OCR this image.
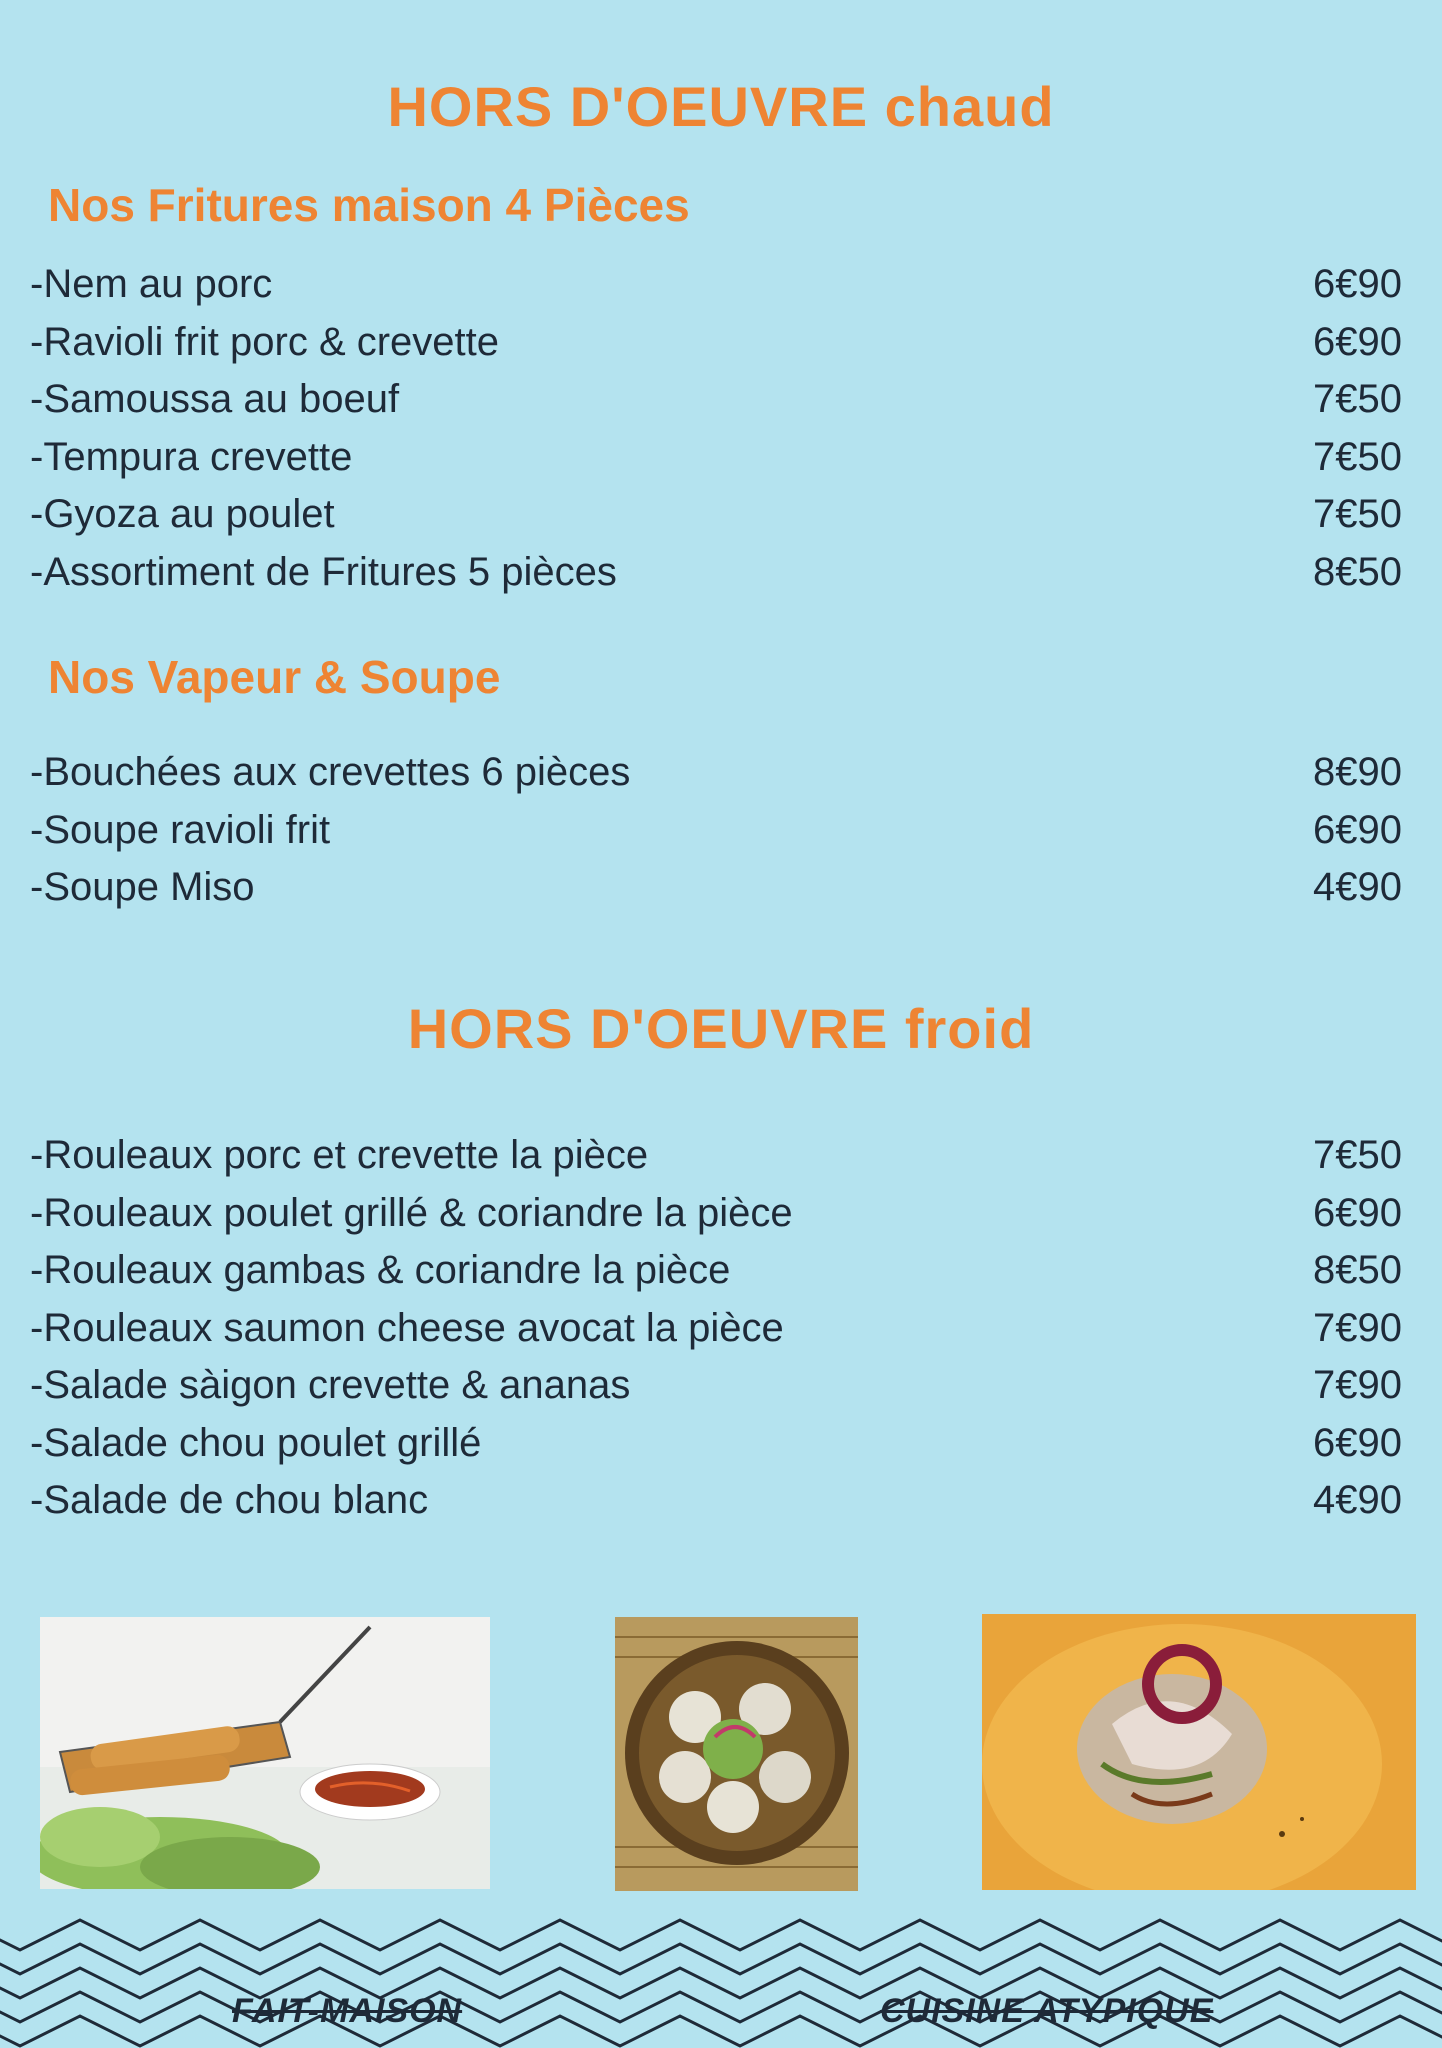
HORS D'OEUVRE chaud
Nos Fritures maison 4 Pièces
-Nem au porc	6€90
-Ravioli frit porc & crevette	6€90
-Samoussa au boeuf	7€50
-Tempura crevette	7€50
-Gyoza au poulet	7€50
-Assortiment de Fritures 5 pièces	8€50
Nos Vapeur & Soupe
-Bouchées aux crevettes 6 pièces	8€90
-Soupe ravioli frit	6€90
-Soupe Miso	4€90
HORS D'OEUVRE froid
-Rouleaux porc et crevette la pièce	7€50
-Rouleaux poulet grillé & coriandre la pièce	6€90
-Rouleaux gambas & coriandre la pièce	8€50
-Rouleaux saumon cheese avocat la pièce	7€90
-Salade sàigon crevette & ananas	7€90
-Salade chou poulet grillé	6€90
-Salade de chou blanc	4€90
FAIT-MAISON	CUISINE ATYPIQUE
